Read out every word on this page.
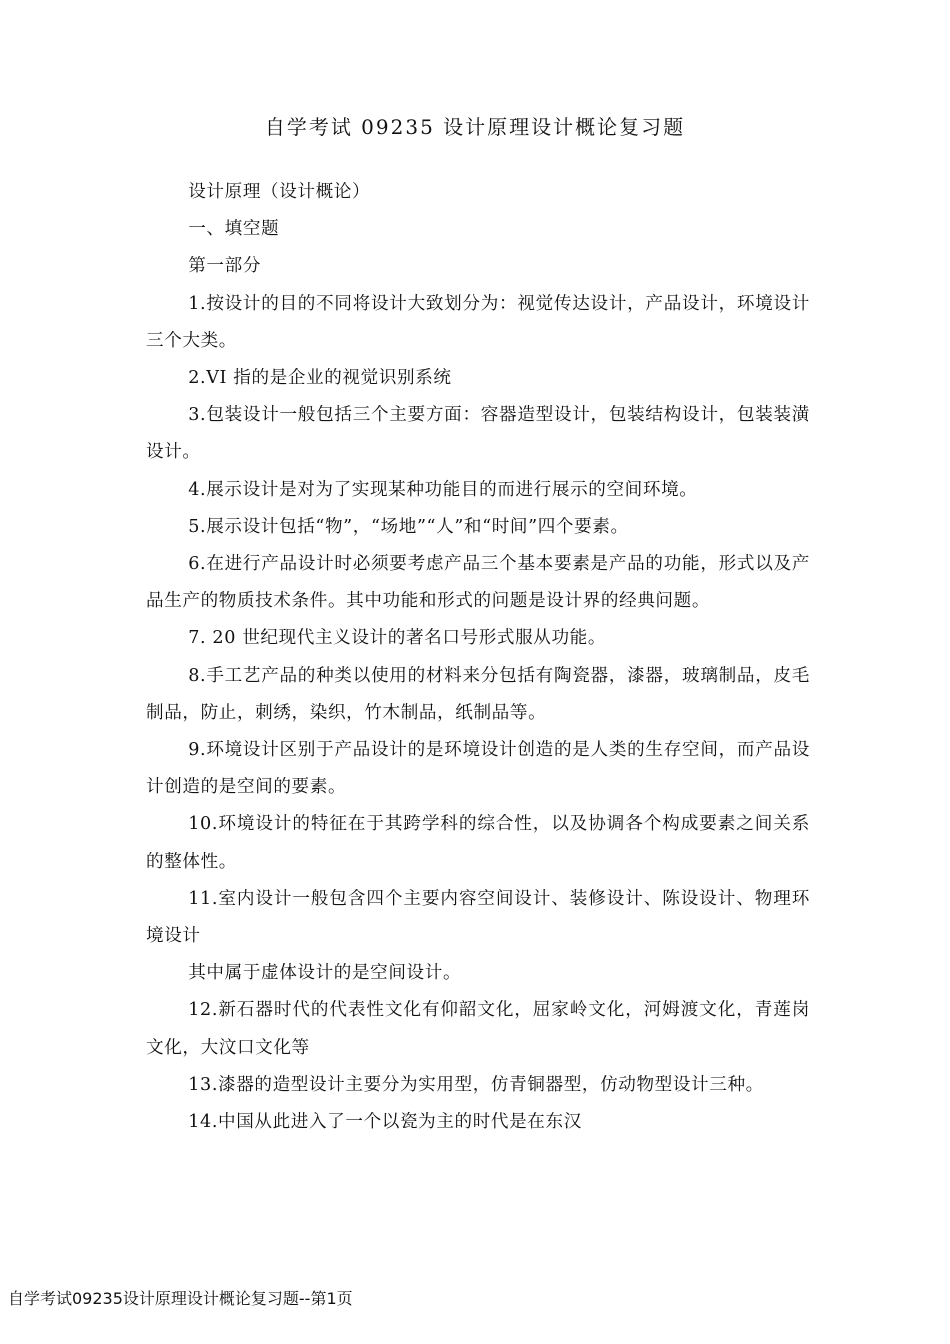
自学考试 09235 设计原理设计概论复习题

设计原理（设计概论）

一、填空题

第一部分

1.按设计的目的不同将设计大致划分为：视觉传达设计，产品设计，环境设计三个大类。

2.VI 指的是企业的视觉识别系统

3.包装设计一般包括三个主要方面：容器造型设计，包装结构设计，包装装潢设计。

4.展示设计是对为了实现某种功能目的而进行展示的空间环境。

5.展示设计包括“物”，“场地”“人”和“时间”四个要素。

6.在进行产品设计时必须要考虑产品三个基本要素是产品的功能，形式以及产品生产的物质技术条件。其中功能和形式的问题是设计界的经典问题。

7. 20 世纪现代主义设计的著名口号形式服从功能。

8.手工艺产品的种类以使用的材料来分包括有陶瓷器，漆器，玻璃制品，皮毛制品，防止，刺绣，染织，竹木制品，纸制品等。

9.环境设计区别于产品设计的是环境设计创造的是人类的生存空间，而产品设计创造的是空间的要素。

10.环境设计的特征在于其跨学科的综合性，以及协调各个构成要素之间关系的整体性。

11.室内设计一般包含四个主要内容空间设计、装修设计、陈设设计、物理环境设计

其中属于虚体设计的是空间设计。

12.新石器时代的代表性文化有仰韶文化，屈家岭文化，河姆渡文化，青莲岗文化，大汶口文化等

13.漆器的造型设计主要分为实用型，仿青铜器型，仿动物型设计三种。

14.中国从此进入了一个以瓷为主的时代是在东汉

自学考试09235设计原理设计概论复习题--第1页
